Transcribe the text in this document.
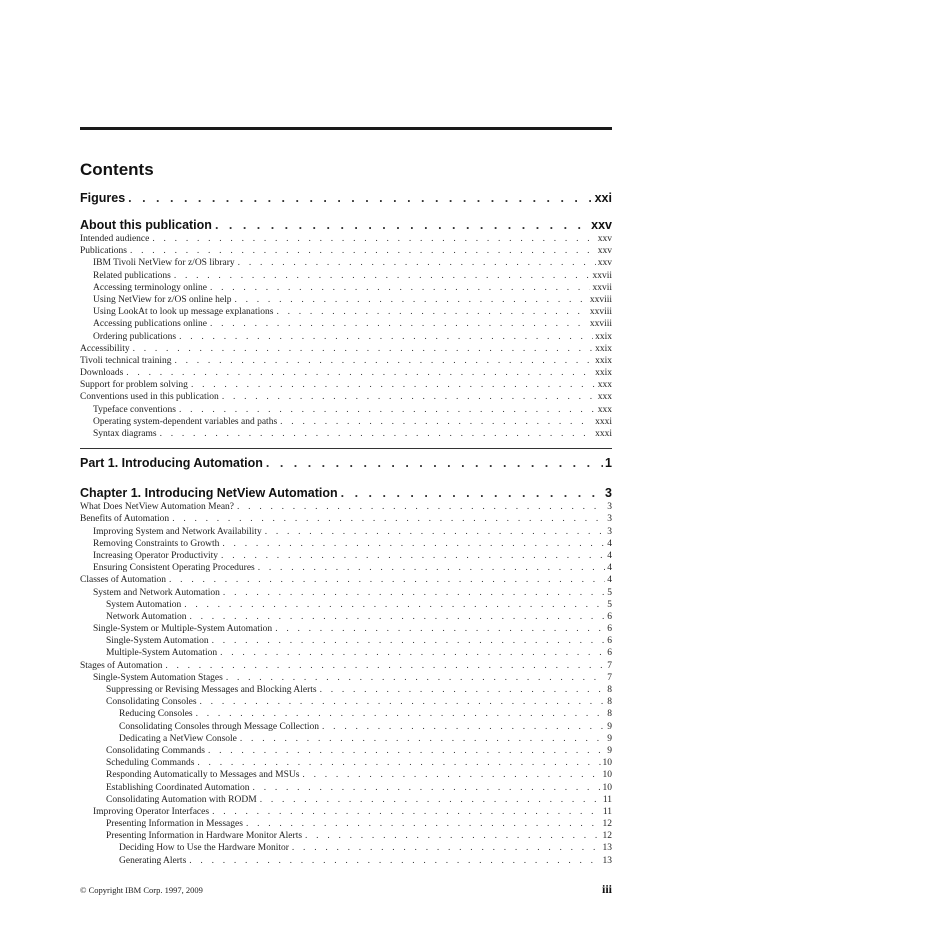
Contents
Figures . . .	xxi
About this publication . . .	xxv
Intended audience . . .	xxv
Publications . . .	xxv
IBM Tivoli NetView for z/OS library . . .	xxv
Related publications . . .	xxvii
Accessing terminology online . . .	xxvii
Using NetView for z/OS online help . . .	xxviii
Using LookAt to look up message explanations . . .	xxviii
Accessing publications online . . .	xxviii
Ordering publications . . .	xxix
Accessibility . . .	xxix
Tivoli technical training . . .	xxix
Downloads . . .	xxix
Support for problem solving . . .	xxx
Conventions used in this publication . . .	xxx
Typeface conventions . . .	xxx
Operating system-dependent variables and paths . . .	xxxi
Syntax diagrams . . .	xxxi
Part 1. Introducing Automation . . .	1
Chapter 1. Introducing NetView Automation . . .	3
What Does NetView Automation Mean? . . .	3
Benefits of Automation . . .	3
Improving System and Network Availability . . .	3
Removing Constraints to Growth . . .	4
Increasing Operator Productivity . . .	4
Ensuring Consistent Operating Procedures . . .	4
Classes of Automation . . .	4
System and Network Automation . . .	5
System Automation . . .	5
Network Automation . . .	6
Single-System or Multiple-System Automation . . .	6
Single-System Automation . . .	6
Multiple-System Automation . . .	6
Stages of Automation . . .	7
Single-System Automation Stages . . .	7
Suppressing or Revising Messages and Blocking Alerts . . .	8
Consolidating Consoles . . .	8
Reducing Consoles . . .	8
Consolidating Consoles through Message Collection . . .	9
Dedicating a NetView Console . . .	9
Consolidating Commands . . .	9
Scheduling Commands . . .	10
Responding Automatically to Messages and MSUs . . .	10
Establishing Coordinated Automation . . .	10
Consolidating Automation with RODM . . .	11
Improving Operator Interfaces . . .	11
Presenting Information in Messages . . .	12
Presenting Information in Hardware Monitor Alerts . . .	12
Deciding How to Use the Hardware Monitor . . .	13
Generating Alerts . . .	13
© Copyright IBM Corp. 1997, 2009	iii
